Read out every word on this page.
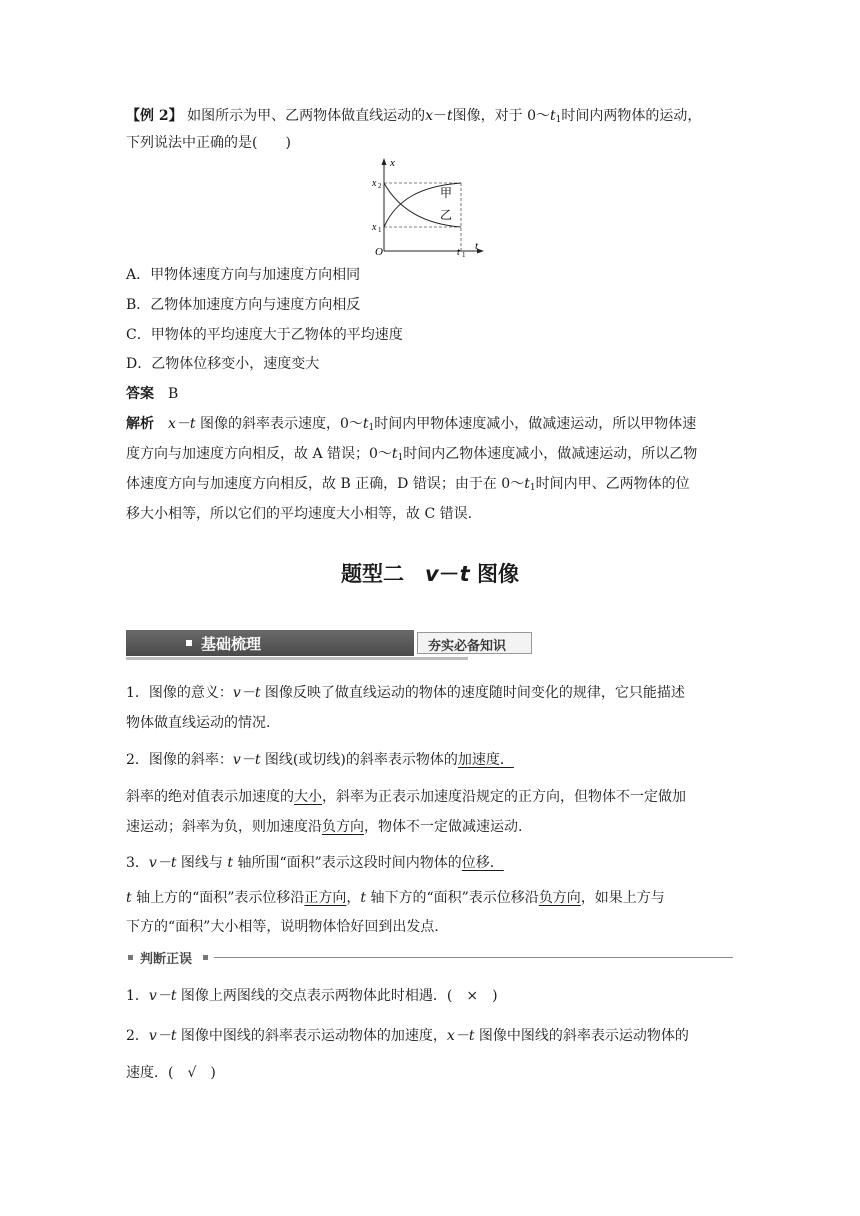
【例 2】 如图所示为甲、乙两物体做直线运动的x－t图像，对于 $0\sim t_1$时间内两物体的运动，
下列说法中正确的是(　　)
x
t
O
x 2
x 1
t 1
甲
乙
A．甲物体速度方向与加速度方向相同
B．乙物体加速度方向与速度方向相反
C．甲物体的平均速度大于乙物体的平均速度
D．乙物体位移变小，速度变大
答案　 B
解析　 x－t 图像的斜率表示速度，$0\sim t_1$时间内甲物体速度减小，做减速运动，所以甲物体速
度方向与加速度方向相反，故 A 错误；$0\sim t_1$时间内乙物体速度减小，做减速运动，所以乙物
体速度方向与加速度方向相反，故 B 正确，D 错误；由于在 $0\sim t_1$时间内甲、乙两物体的位
移大小相等，所以它们的平均速度大小相等，故 C 错误.
题型二　v－t 图像
基础梳理	夯实必备知识
1．图像的意义：v－t 图像反映了做直线运动的物体的速度随时间变化的规律，它只能描述
物体做直线运动的情况.
2．图像的斜率：v－t 图线(或切线)的斜率表示物体的加速度．
斜率的绝对值表示加速度的大小，斜率为正表示加速度沿规定的正方向，但物体不一定做加
速运动；斜率为负，则加速度沿负方向，物体不一定做减速运动.
3．v－t 图线与 t 轴所围“面积”表示这段时间内物体的位移．
t 轴上方的“面积”表示位移沿正方向，t 轴下方的“面积”表示位移沿负方向，如果上方与
下方的“面积”大小相等，说明物体恰好回到出发点.
判断正误
1．v－t 图像上两图线的交点表示两物体此时相遇．(　×　)
2．v－t 图像中图线的斜率表示运动物体的加速度，x－t 图像中图线的斜率表示运动物体的
速度．(　√　)
